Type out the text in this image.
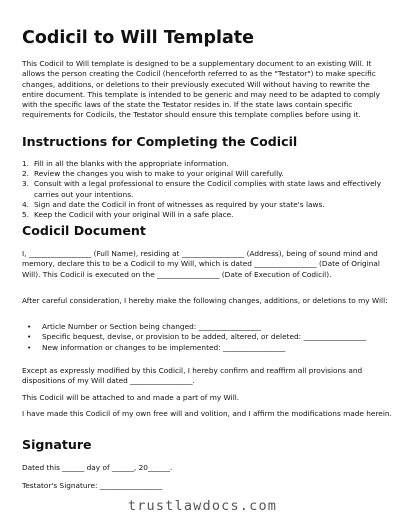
Codicil to Will Template

This Codicil to Will template is designed to be a supplementary document to an existing Will. It allows the person creating the Codicil (henceforth referred to as the "Testator") to make specific changes, additions, or deletions to their previously executed Will without having to rewrite the entire document. This template is intended to be generic and may need to be adapted to comply with the specific laws of the state the Testator resides in. If the state laws contain specific requirements for Codicils, the Testator should ensure this template complies before using it.

Instructions for Completing the Codicil
1. Fill in all the blanks with the appropriate information.
2. Review the changes you wish to make to your original Will carefully.
3. Consult with a legal professional to ensure the Codicil complies with state laws and effectively carries out your intentions.
4. Sign and date the Codicil in front of witnesses as required by your state's laws.
5. Keep the Codicil with your original Will in a safe place.
Codicil Document

I, _________________ (Full Name), residing at _________________ (Address), being of sound mind and memory, declare this to be a Codicil to my Will, which is dated _________________ (Date of Original Will). This Codicil is executed on the _________________ (Date of Execution of Codicil).

After careful consideration, I hereby make the following changes, additions, or deletions to my Will:

• Article Number or Section being changed: _________________
• Specific bequest, devise, or provision to be added, altered, or deleted: _________________
• New information or changes to be implemented: _________________

Except as expressly modified by this Codicil, I hereby confirm and reaffirm all provisions and dispositions of my Will dated _________________.

This Codicil will be attached to and made a part of my Will.

I have made this Codicil of my own free will and volition, and I affirm the modifications made herein.

Signature

Dated this ______ day of ______, 20______.

Testator's Signature: _________________

trustlawdocs.com
